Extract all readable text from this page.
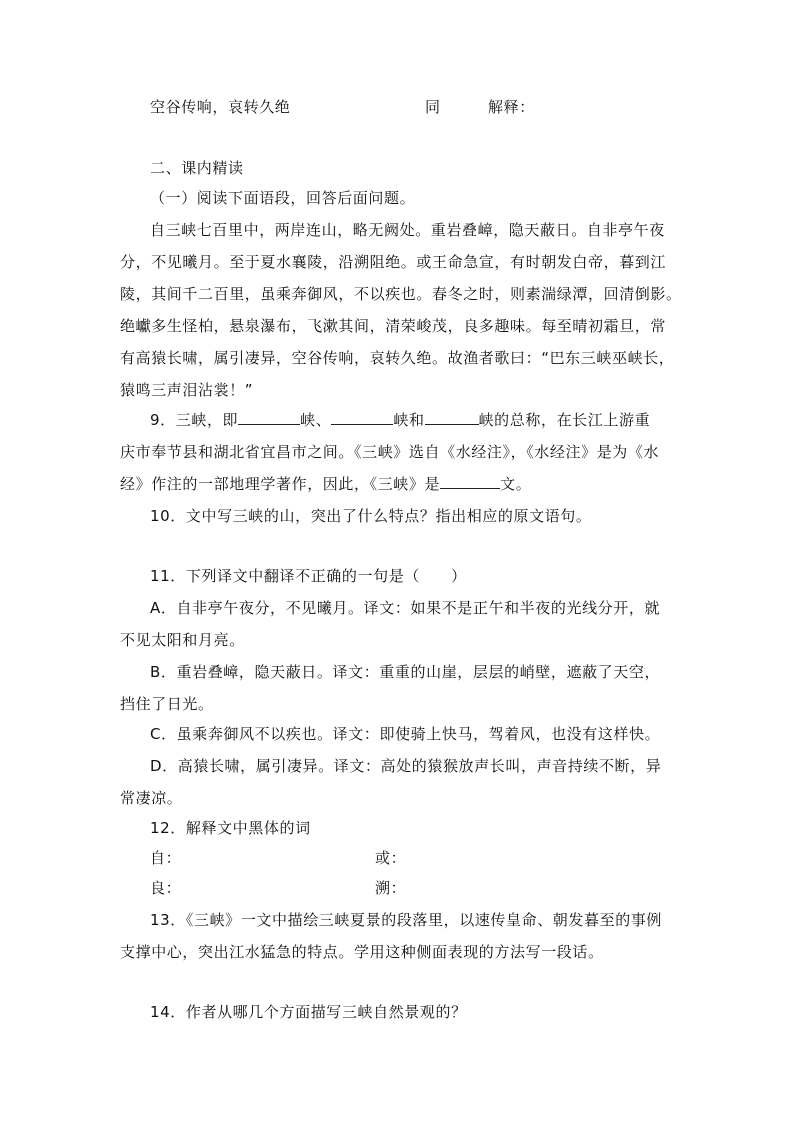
空谷传响，哀转久绝	同	解释：
二、课内精读
（一）阅读下面语段，回答后面问题。
自三峡七百里中，两岸连山，略无阙处。重岩叠嶂，隐天蔽日。自非亭午夜
分，不见曦月。至于夏水襄陵，沿溯阻绝。或王命急宣，有时朝发白帝，暮到江
陵，其间千二百里，虽乘奔御风，不以疾也。春冬之时，则素湍绿潭，回清倒影。
绝巘多生怪柏，悬泉瀑布，飞漱其间，清荣峻茂，良多趣味。每至晴初霜旦，常
有高猿长啸，属引凄异，空谷传响，哀转久绝。故渔者歌曰：“巴东三峡巫峡长，
猿鸣三声泪沾裳！”
9．三峡，即	峡、	峡和	峡的总称，在长江上游重
庆市奉节县和湖北省宜昌市之间。《三峡》选自《水经注》，《水经注》是为《水
经》作注的一部地理学著作，因此，《三峡》是	文。
10．文中写三峡的山，突出了什么特点？指出相应的原文语句。
11．下列译文中翻译不正确的一句是（　　）
A．自非亭午夜分，不见曦月。译文：如果不是正午和半夜的光线分开，就
不见太阳和月亮。
B．重岩叠嶂，隐天蔽日。译文：重重的山崖，层层的峭壁，遮蔽了天空，
挡住了日光。
C．虽乘奔御风不以疾也。译文：即使骑上快马，驾着风，也没有这样快。
D．高猿长啸，属引凄异。译文：高处的猿猴放声长叫，声音持续不断，异
常凄凉。
12．解释文中黑体的词
自：	或：
良：	溯：
13．《三峡》一文中描绘三峡夏景的段落里，以速传皇命、朝发暮至的事例
支撑中心，突出江水猛急的特点。学用这种侧面表现的方法写一段话。
14．作者从哪几个方面描写三峡自然景观的？
